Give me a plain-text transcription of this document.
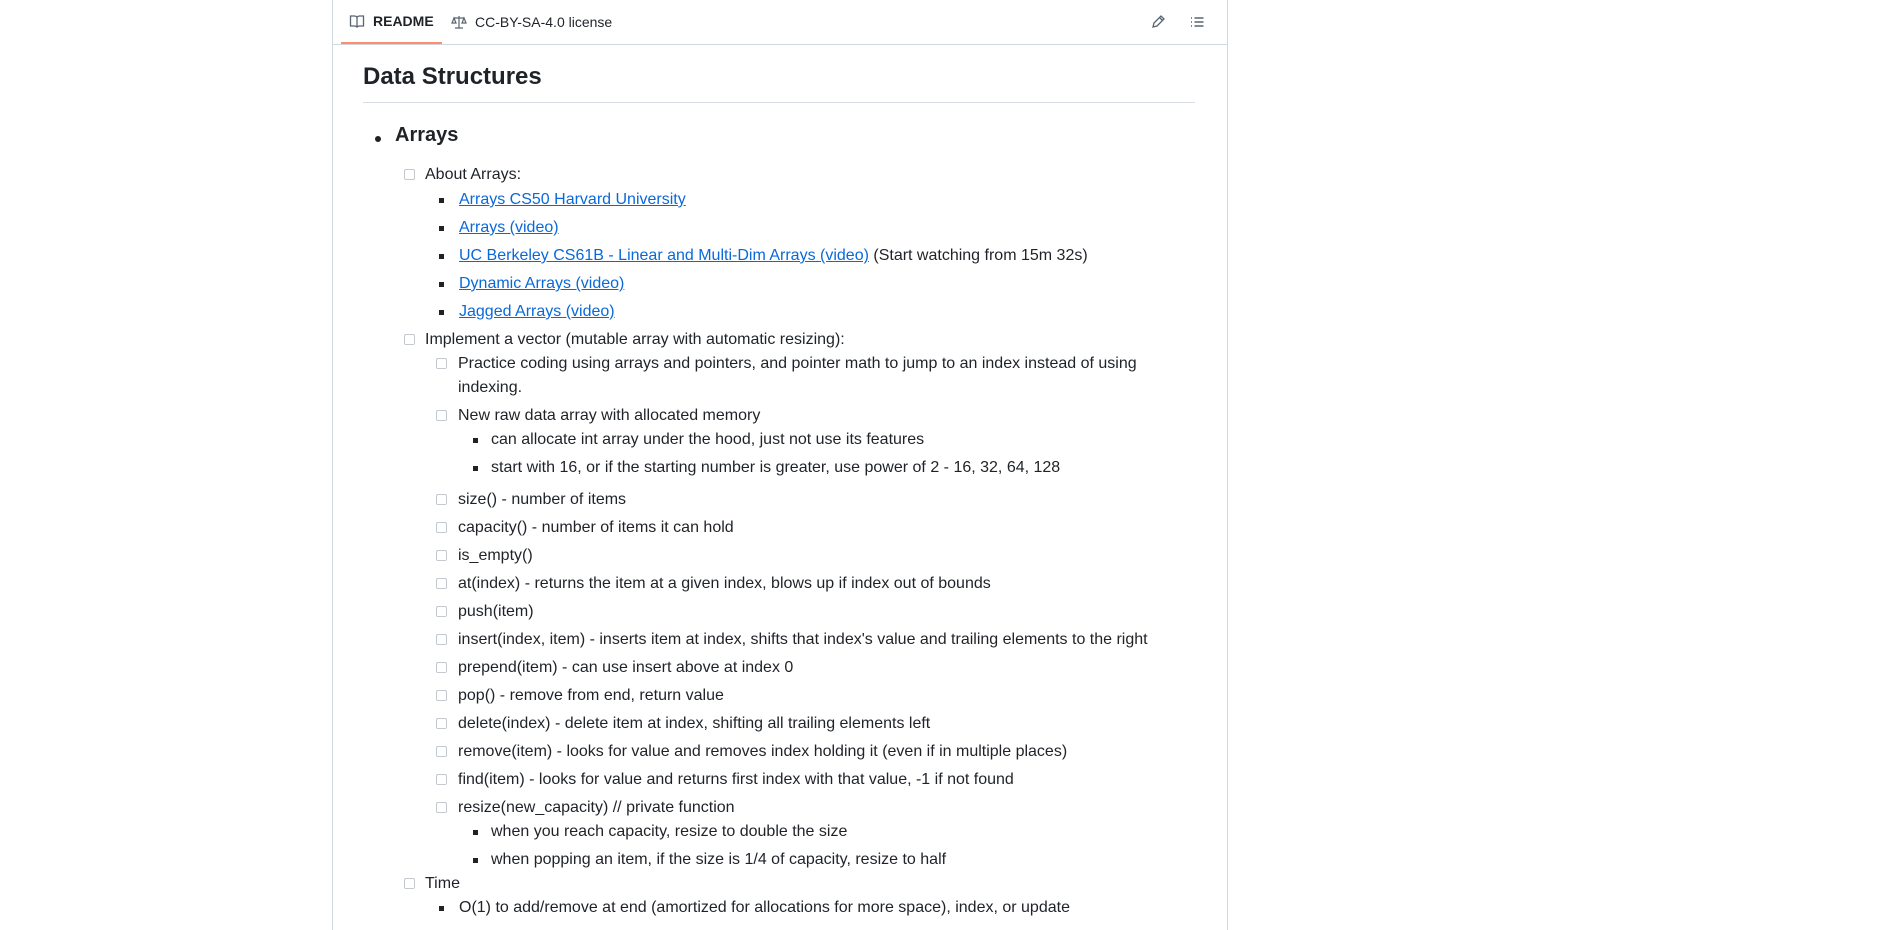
README	CC-BY-SA-4.0 license
Data Structures
Arrays
About Arrays:
Arrays CS50 Harvard University
Arrays (video)
UC Berkeley CS61B - Linear and Multi-Dim Arrays (video) (Start watching from 15m 32s)
Dynamic Arrays (video)
Jagged Arrays (video)
Implement a vector (mutable array with automatic resizing):
Practice coding using arrays and pointers, and pointer math to jump to an index instead of using
indexing.
New raw data array with allocated memory
can allocate int array under the hood, just not use its features
start with 16, or if the starting number is greater, use power of 2 - 16, 32, 64, 128
size() - number of items
capacity() - number of items it can hold
is_empty()
at(index) - returns the item at a given index, blows up if index out of bounds
push(item)
insert(index, item) - inserts item at index, shifts that index's value and trailing elements to the right
prepend(item) - can use insert above at index 0
pop() - remove from end, return value
delete(index) - delete item at index, shifting all trailing elements left
remove(item) - looks for value and removes index holding it (even if in multiple places)
find(item) - looks for value and returns first index with that value, -1 if not found
resize(new_capacity) // private function
when you reach capacity, resize to double the size
when popping an item, if the size is 1/4 of capacity, resize to half
Time
O(1) to add/remove at end (amortized for allocations for more space), index, or update
